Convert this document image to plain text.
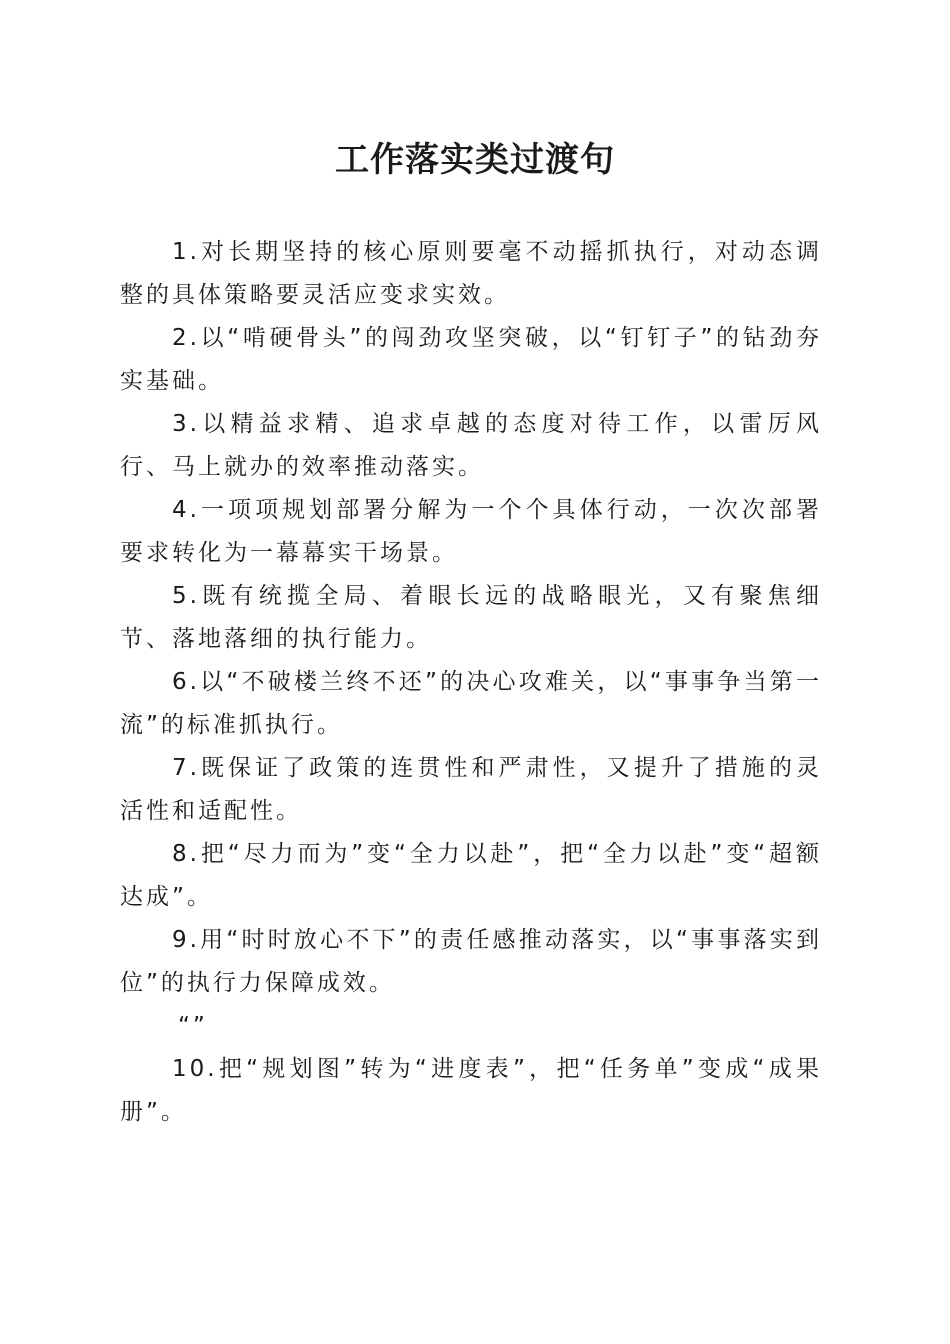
工作落实类过渡句

1.对长期坚持的核心原则要毫不动摇抓执行，对动态调整的具体策略要灵活应变求实效。

2.以“啃硬骨头”的闯劲攻坚突破，以“钉钉子”的钻劲夯实基础。

3.以精益求精、追求卓越的态度对待工作，以雷厉风行、马上就办的效率推动落实。

4.一项项规划部署分解为一个个具体行动，一次次部署要求转化为一幕幕实干场景。

5.既有统揽全局、着眼长远的战略眼光，又有聚焦细节、落地落细的执行能力。

6.以“不破楼兰终不还”的决心攻难关，以“事事争当第一流”的标准抓执行。

7.既保证了政策的连贯性和严肃性，又提升了措施的灵活性和适配性。

8.把“尽力而为”变“全力以赴”，把“全力以赴”变“超额达成”。

9.用“时时放心不下”的责任感推动落实，以“事事落实到位”的执行力保障成效。

“”

10.把“规划图”转为“进度表”，把“任务单”变成“成果册”。
